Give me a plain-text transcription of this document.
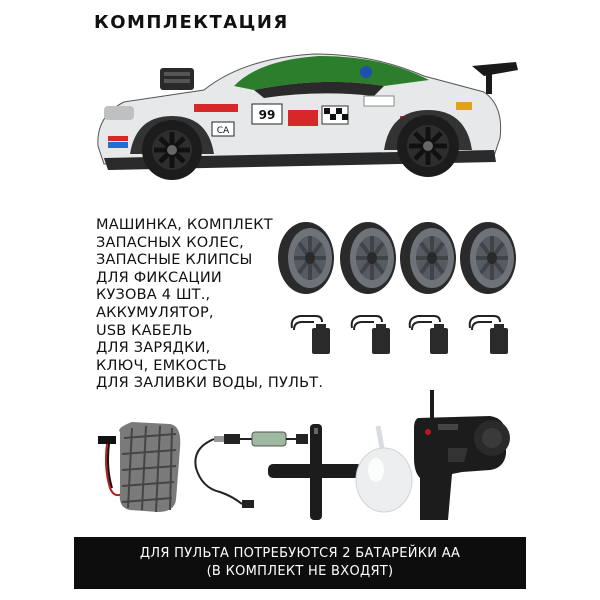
КОМПЛЕКТАЦИЯ
99
CA
МАШИНКА, КОМПЛЕКТ
ЗАПАСНЫХ КОЛЕС,
ЗАПАСНЫЕ КЛИПСЫ
ДЛЯ ФИКСАЦИИ
КУЗОВА 4 ШТ.,
АККУМУЛЯТОР,
USB КАБЕЛЬ
ДЛЯ ЗАРЯДКИ,
КЛЮЧ, ЕМКОСТЬ
ДЛЯ ЗАЛИВКИ ВОДЫ, ПУЛЬТ.
ДЛЯ ПУЛЬТА ПОТРЕБУЮТСЯ 2 БАТАРЕЙКИ АА
(В КОМПЛЕКТ НЕ ВХОДЯТ)
